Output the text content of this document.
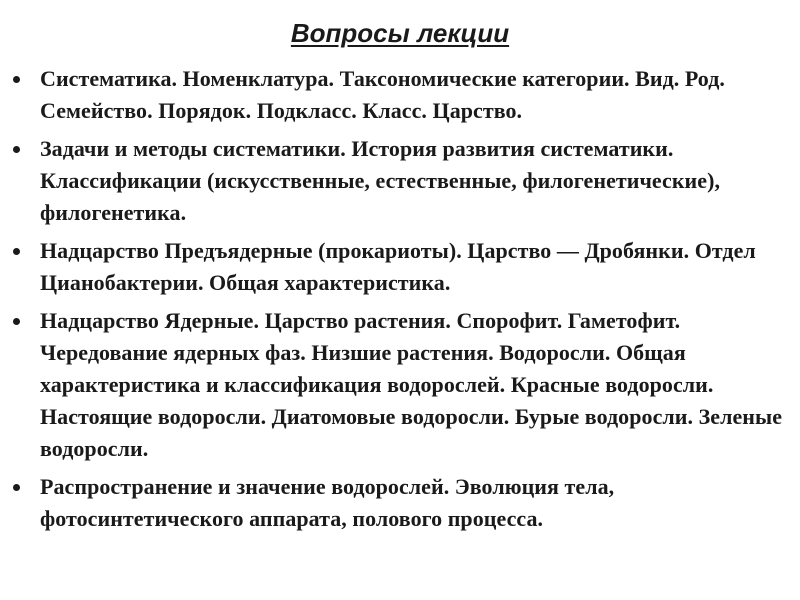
Вопросы лекции
Систематика. Номенклатура. Таксономические категории. Вид. Род. Семейство. Порядок. Подкласс. Класс. Царство.
Задачи и методы систематики. История развития систематики. Классификации (искусственные, естественные, филогенетические), филогенетика.
Надцарство Предъядерные (прокариоты). Царство — Дробянки. Отдел Цианобактерии. Общая характеристика.
Надцарство Ядерные. Царство растения. Спорофит. Гаметофит. Чередование ядерных фаз. Низшие растения. Водоросли. Общая характеристика и классификация водорослей. Красные водоросли. Настоящие водоросли. Диатомовые водоросли. Бурые водоросли. Зеленые водоросли.
Распространение и значение водорослей. Эволюция тела, фотосинтетического аппарата, полового процесса.
